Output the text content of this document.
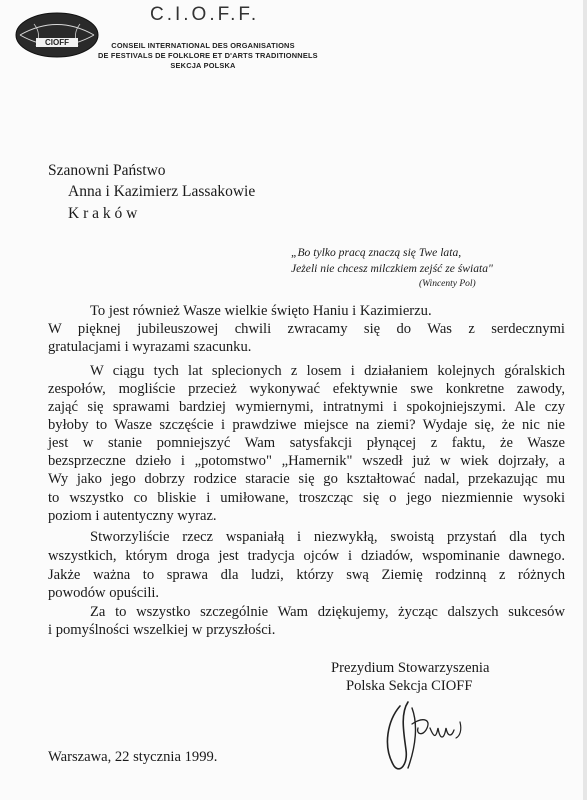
CIOFF
C.I.O.F.F.
CONSEIL INTERNATIONAL DES ORGANISATIONS
DE FESTIVALS DE FOLKLORE ET D'ARTS TRADITIONNELS
SEKCJA POLSKA
Szanowni Państwo
Anna i Kazimierz Lassakowie
K r a k ó w
„Bo tylko pracą znaczą się Twe lata,
Jeżeli nie chcesz milczkiem zejść ze świata"
(Wincenty Pol)
To jest również Wasze wielkie święto Haniu i Kazimierzu.
W pięknej jubileuszowej chwili zwracamy się do Was z serdecznymi
gratulacjami i wyrazami szacunku.
W ciągu tych lat splecionych z losem i działaniem kolejnych góralskich
zespołów, mogliście przecież wykonywać efektywnie swe konkretne zawody,
zająć się sprawami bardziej wymiernymi, intratnymi i spokojniejszymi. Ale czy
byłoby to Wasze szczęście i prawdziwe miejsce na ziemi? Wydaje się, że nic nie
jest w stanie pomniejszyć Wam satysfakcji płynącej z faktu, że Wasze
bezsprzeczne dzieło i „potomstwo" „Hamernik" wszedł już w wiek dojrzały, a
Wy jako jego dobrzy rodzice staracie się go kształtować nadal, przekazując mu
to wszystko co bliskie i umiłowane, troszcząc się o jego niezmiennie wysoki
poziom i autentyczny wyraz.
Stworzyliście rzecz wspaniałą i niezwykłą, swoistą przystań dla tych
wszystkich, którym droga jest tradycja ojców i dziadów, wspominanie dawnego.
Jakże ważna to sprawa dla ludzi, którzy swą Ziemię rodzinną z różnych
powodów opuścili.
Za to wszystko szczególnie Wam dziękujemy, życząc dalszych sukcesów
i pomyślności wszelkiej w przyszłości.
Prezydium Stowarzyszenia
Polska Sekcja CIOFF
Warszawa, 22 stycznia 1999.
